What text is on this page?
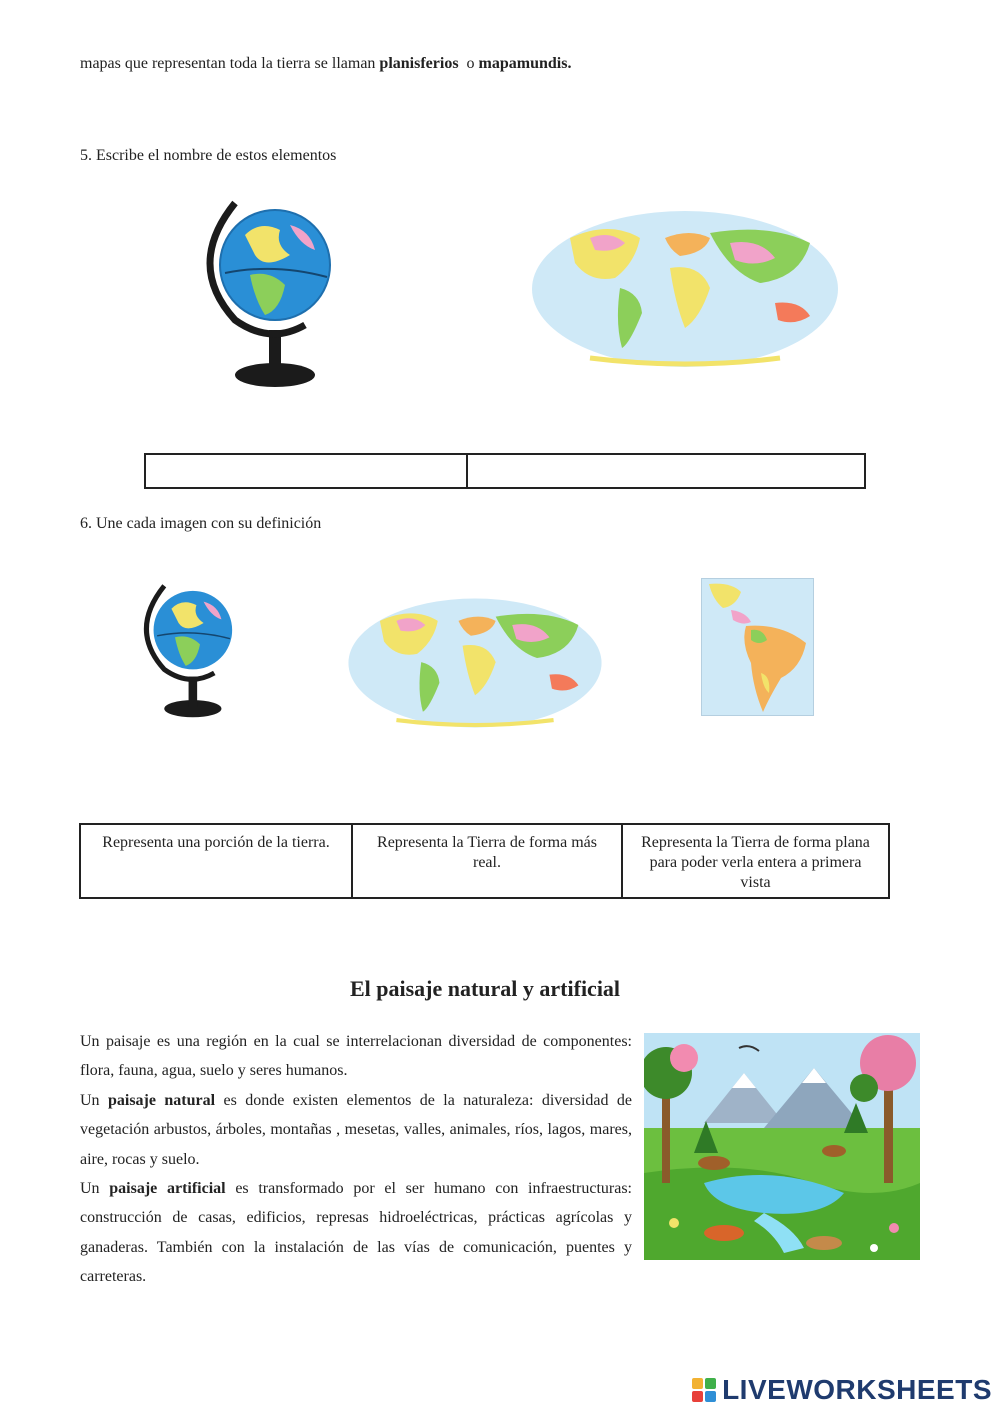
mapas que representan toda la tierra se llaman planisferios  o mapamundis.
5. Escribe el nombre de estos elementos
6. Une cada imagen con su definición
Representa una porción de la tierra.	Representa la Tierra de forma más real.
Representa la Tierra de forma plana para poder verla entera a primera vista
El paisaje natural y artificial

Un paisaje es una región en la cual se interrelacionan diversidad de componentes: flora, fauna, agua, suelo y seres humanos.

Un paisaje natural es donde existen elementos de la naturaleza: diversidad de vegetación arbustos, árboles, montañas , mesetas, valles, animales, ríos, lagos, mares, aire, rocas y suelo.

Un paisaje artificial es transformado por el ser humano con infraestructuras: construcción de casas, edificios, represas hidroeléctricas, prácticas agrícolas y ganaderas. También con la instalación de las vías de comunicación, puentes y carreteras.

LIVEWORKSHEETS
